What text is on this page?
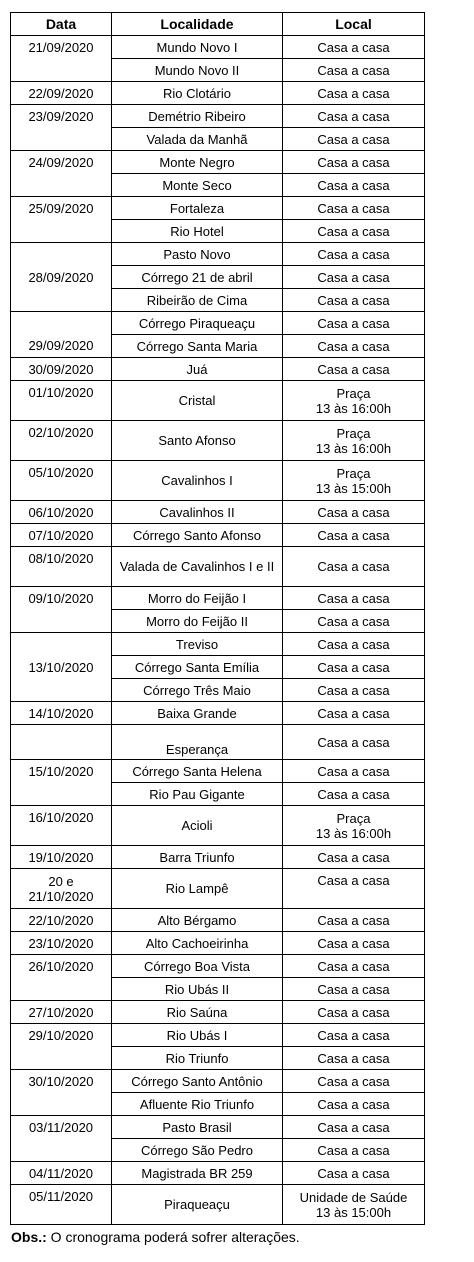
Data	Localidade	Local
21/09/2020	Mundo Novo I	Casa a casa
	Mundo Novo II	Casa a casa
22/09/2020	Rio Clotário	Casa a casa
23/09/2020	Demétrio Ribeiro	Casa a casa
	Valada da Manhã	Casa a casa
24/09/2020	Monte Negro	Casa a casa
	Monte Seco	Casa a casa
25/09/2020	Fortaleza	Casa a casa
	Rio Hotel	Casa a casa
28/09/2020	Pasto Novo	Casa a casa
	Córrego 21 de abril	Casa a casa
	Ribeirão de Cima	Casa a casa
29/09/2020	Córrego Piraqueaçu	Casa a casa
	Córrego Santa Maria	Casa a casa
30/09/2020	Juá	Casa a casa
01/10/2020	Cristal	Praça
13 às 16:00h
02/10/2020	Santo Afonso	Praça
13 às 16:00h
05/10/2020	Cavalinhos I	Praça
13 às 15:00h
06/10/2020	Cavalinhos II	Casa a casa
07/10/2020	Córrego Santo Afonso	Casa a casa
08/10/2020	Valada de Cavalinhos I e II	Casa a casa
09/10/2020	Morro do Feijão I	Casa a casa
	Morro do Feijão II	Casa a casa
13/10/2020	Treviso	Casa a casa
	Córrego Santa Emília	Casa a casa
	Córrego Três Maio	Casa a casa
14/10/2020	Baixa Grande	Casa a casa
	Esperança	Casa a casa
15/10/2020	Córrego Santa Helena	Casa a casa
	Rio Pau Gigante	Casa a casa
16/10/2020	Acioli	Praça
13 às 16:00h
19/10/2020	Barra Triunfo	Casa a casa
20 e
21/10/2020	Rio Lampê	Casa a casa
22/10/2020	Alto Bérgamo	Casa a casa
23/10/2020	Alto Cachoeirinha	Casa a casa
26/10/2020	Córrego Boa Vista	Casa a casa
	Rio Ubás II	Casa a casa
27/10/2020	Rio Saúna	Casa a casa
29/10/2020	Rio Ubás I	Casa a casa
	Rio Triunfo	Casa a casa
30/10/2020	Córrego Santo Antônio	Casa a casa
	Afluente Rio Triunfo	Casa a casa
03/11/2020	Pasto Brasil	Casa a casa
	Córrego São Pedro	Casa a casa
04/11/2020	Magistrada BR 259	Casa a casa
05/11/2020	Piraqueaçu	Unidade de Saúde
13 às 15:00h
Obs.: O cronograma poderá sofrer alterações.
